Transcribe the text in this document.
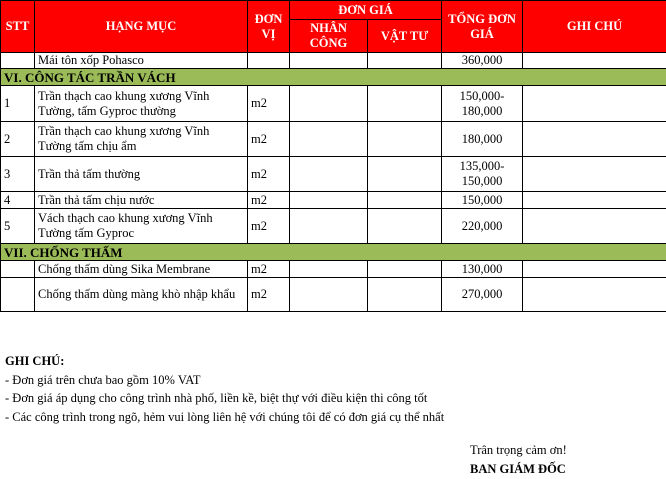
STT	HẠNG MỤC	ĐƠN VỊ	ĐƠN GIÁ		TỔNG ĐƠN GIÁ	GHI CHÚ
			NHÂN CÔNG	VẬT TƯ		
	Mái tôn xốp Pohasco				360,000	
VI. CÔNG TÁC TRẦN VÁCH						
1	Trần thạch cao khung xương Vĩnh Tường, tấm Gyproc thường	m2			150,000-180,000	
2	Trần thạch cao khung xương Vĩnh Tường tấm chịu ẩm	m2			180,000	
3	Trần thả tấm thường	m2			135,000-150,000	
4	Trần thả tấm chịu nước	m2			150,000	
5	Vách thạch cao khung xương Vĩnh Tường tấm Gyproc	m2			220,000	
VII. CHỐNG THẤM						
	Chống thấm dùng Sika Membrane	m2			130,000	
	Chống thấm dùng màng khò nhập khẩu	m2			270,000	
GHI CHÚ:
- Đơn giá trên chưa bao gồm 10% VAT
- Đơn giá áp dụng cho công trình nhà phố, liền kề, biệt thự với điều kiện thi công tốt
- Các công trình trong ngõ, hẻm vui lòng liên hệ với chúng tôi để có đơn giá cụ thể nhất
Trân trọng cảm ơn!
BAN GIÁM ĐỐC
